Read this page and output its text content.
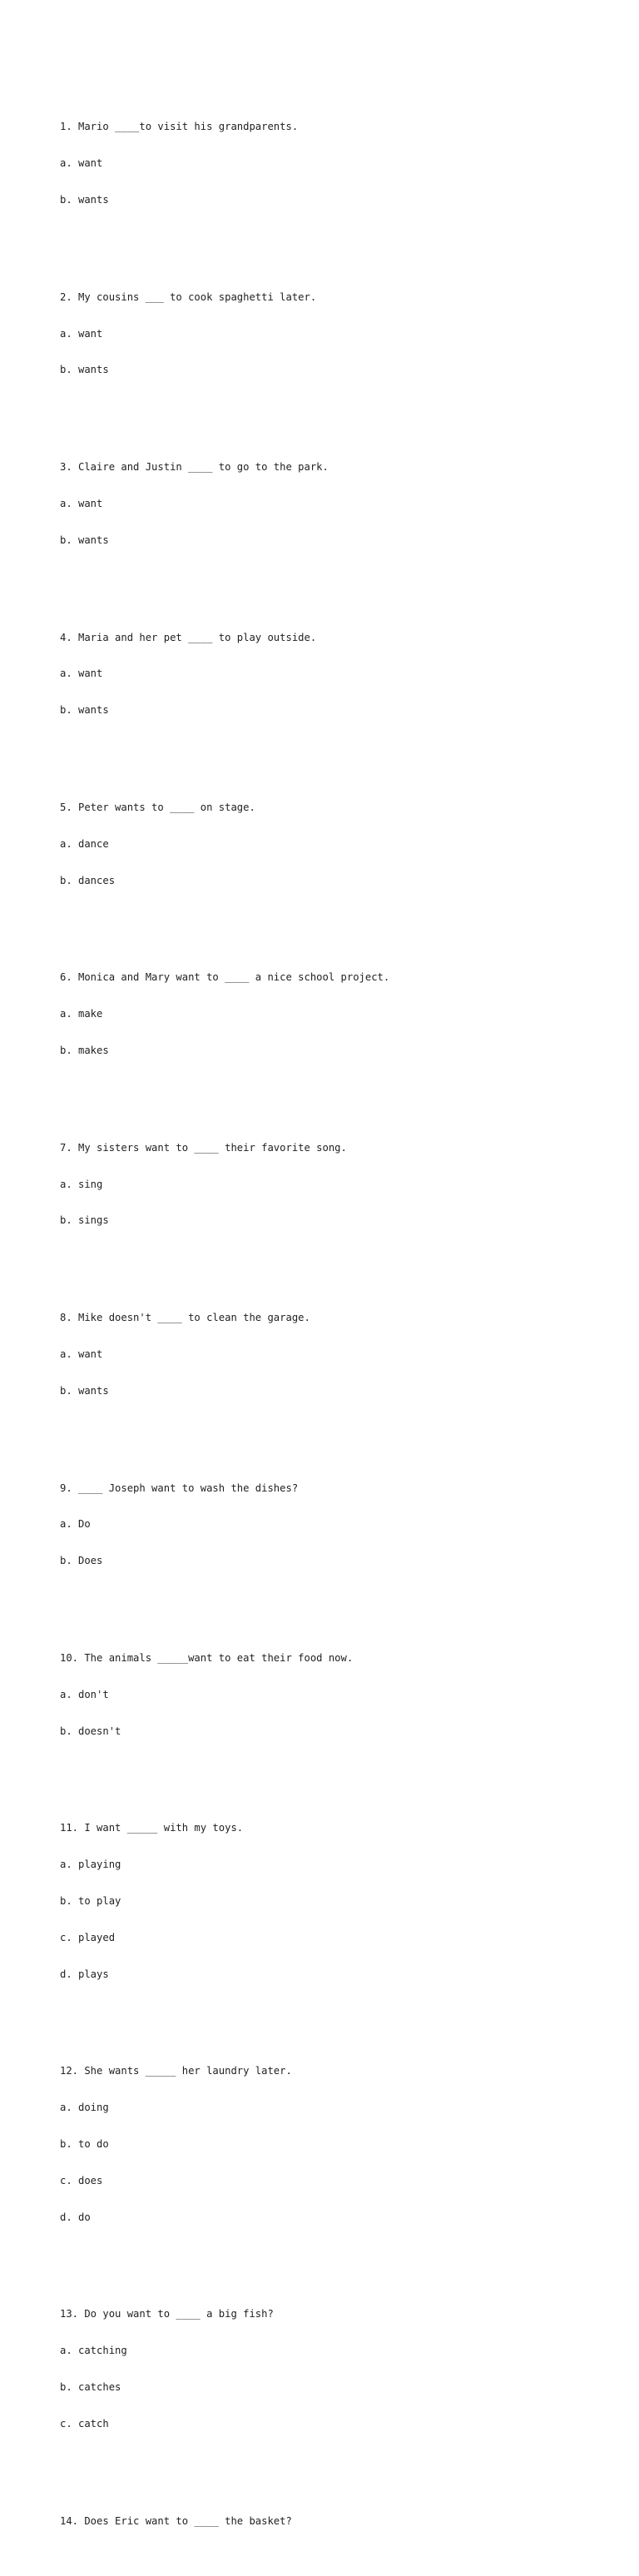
1. Mario ____to visit his grandparents.

a. want

b. wants

2. My cousins ___ to cook spaghetti later.

a. want

b. wants

3. Claire and Justin ____ to go to the park.

a. want

b. wants

4. Maria and her pet ____ to play outside.

a. want

b. wants

5. Peter wants to ____ on stage.

a. dance

b. dances

6. Monica and Mary want to ____ a nice school project.

a. make

b. makes

7. My sisters want to ____ their favorite song.

a. sing

b. sings

8. Mike doesn't ____ to clean the garage.

a. want

b. wants

9. ____ Joseph want to wash the dishes?

a. Do

b. Does

10. The animals _____want to eat their food now.

a. don't

b. doesn't

11. I want _____ with my toys.

a. playing

b. to play

c. played

d. plays

12. She wants _____ her laundry later.

a. doing

b. to do

c. does

d. do

13. Do you want to ____ a big fish?

a. catching

b. catches

c. catch

14. Does Eric want to ____ the basket?
